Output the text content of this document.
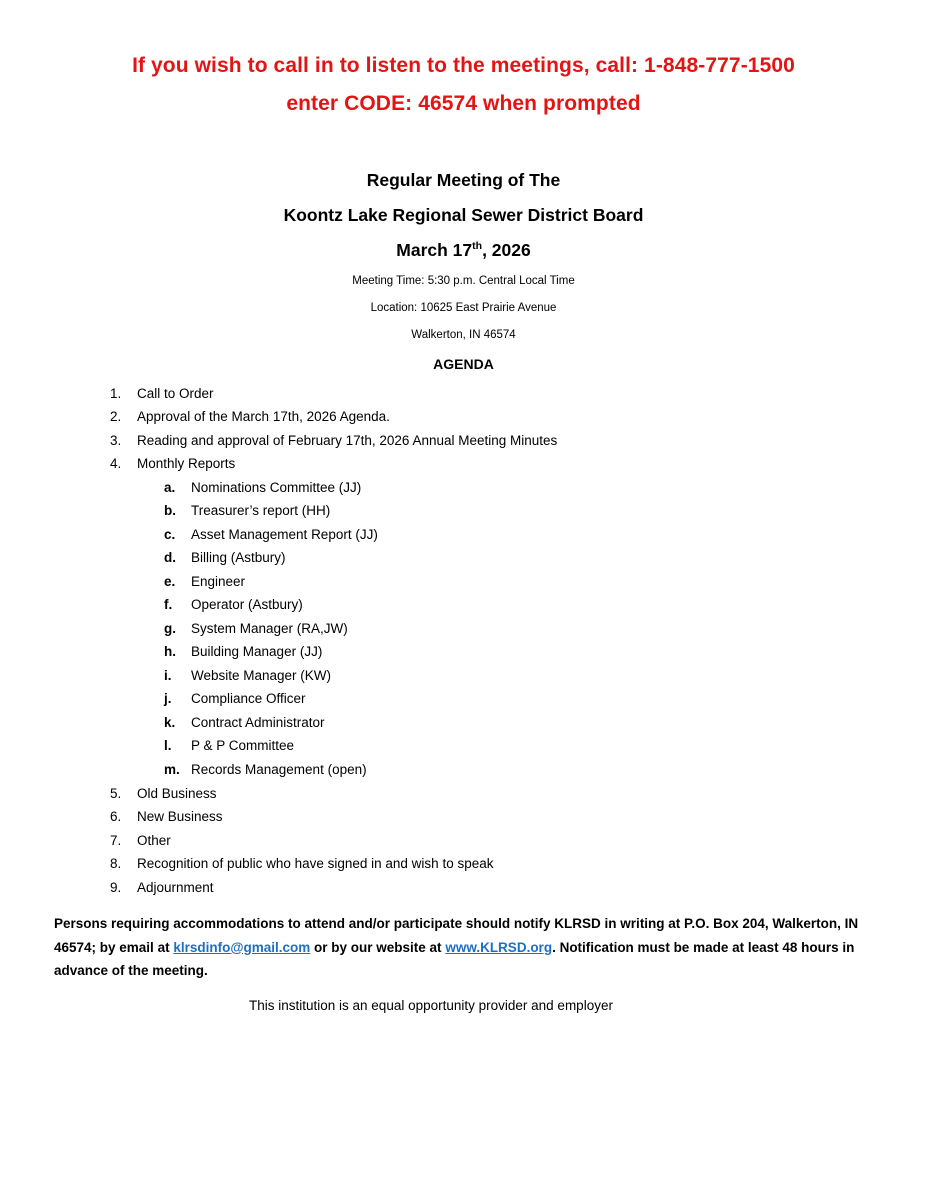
If you wish to call in to listen to the meetings, call: 1-848-777-1500
enter CODE: 46574 when prompted
Regular Meeting of The
Koontz Lake Regional Sewer District Board
March 17th, 2026
Meeting Time: 5:30 p.m. Central Local Time
Location: 10625 East Prairie Avenue
Walkerton, IN 46574
AGENDA
1. Call to Order
2. Approval of the March 17th, 2026 Agenda.
3. Reading and approval of February 17th, 2026 Annual Meeting Minutes
4. Monthly Reports
a. Nominations Committee (JJ)
b. Treasurer’s report (HH)
c. Asset Management Report (JJ)
d. Billing (Astbury)
e. Engineer
f. Operator (Astbury)
g. System Manager (RA,JW)
h. Building Manager (JJ)
i. Website Manager (KW)
j. Compliance Officer
k. Contract Administrator
l. P & P Committee
m. Records Management (open)
5. Old Business
6. New Business
7. Other
8. Recognition of public who have signed in and wish to speak
9. Adjournment
Persons requiring accommodations to attend and/or participate should notify KLRSD in writing at P.O. Box 204, Walkerton, IN 46574; by email at klrsdinfo@gmail.com or by our website at www.KLRSD.org. Notification must be made at least 48 hours in advance of the meeting.
This institution is an equal opportunity provider and employer
